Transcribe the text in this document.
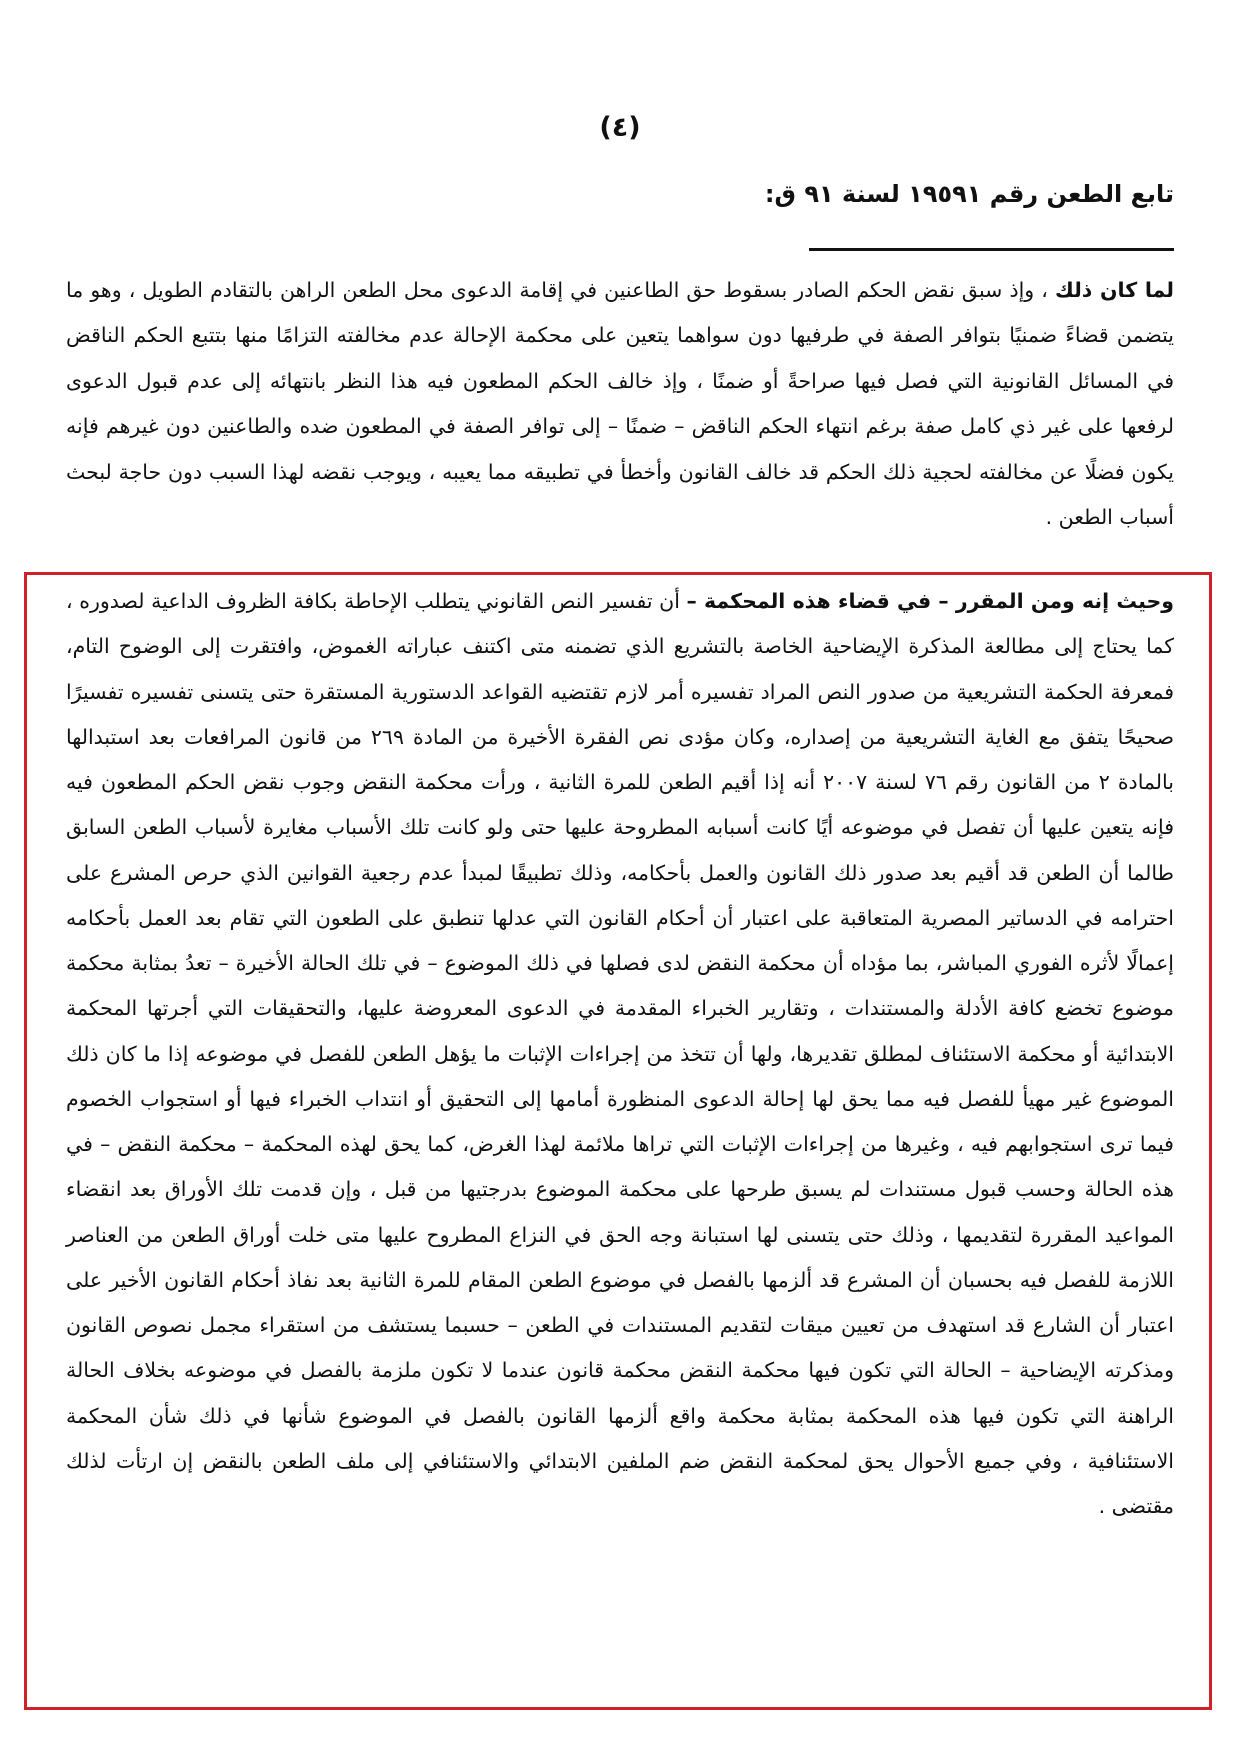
(٤)
تابع الطعن رقم ١٩٥٩١ لسنة ٩١ ق:

لما كان ذلك ، وإذ سبق نقض الحكم الصادر بسقوط حق الطاعنين في إقامة الدعوى محل الطعن الراهن بالتقادم الطويل ، وهو ما يتضمن قضاءً ضمنيًا بتوافر الصفة في طرفيها دون سواهما يتعين على محكمة الإحالة عدم مخالفته التزامًا منها بتتبع الحكم الناقض في المسائل القانونية التي فصل فيها صراحةً أو ضمنًا ، وإذ خالف الحكم المطعون فيه هذا النظر بانتهائه إلى عدم قبول الدعوى لرفعها على غير ذي كامل صفة برغم انتهاء الحكم الناقض – ضمنًا – إلى توافر الصفة في المطعون ضده والطاعنين دون غيرهم فإنه يكون فضلًا عن مخالفته لحجية ذلك الحكم قد خالف القانون وأخطأ في تطبيقه مما يعيبه ، ويوجب نقضه لهذا السبب دون حاجة لبحث أسباب الطعن .

وحيث إنه ومن المقرر – في قضاء هذه المحكمة – أن تفسير النص القانوني يتطلب الإحاطة بكافة الظروف الداعية لصدوره ، كما يحتاج إلى مطالعة المذكرة الإيضاحية الخاصة بالتشريع الذي تضمنه متى اكتنف عباراته الغموض، وافتقرت إلى الوضوح التام، فمعرفة الحكمة التشريعية من صدور النص المراد تفسيره أمر لازم تقتضيه القواعد الدستورية المستقرة حتى يتسنى تفسيره تفسيرًا صحيحًا يتفق مع الغاية التشريعية من إصداره، وكان مؤدى نص الفقرة الأخيرة من المادة ٢٦٩ من قانون المرافعات بعد استبدالها بالمادة ٢ من القانون رقم ٧٦ لسنة ٢٠٠٧ أنه إذا أقيم الطعن للمرة الثانية ، ورأت محكمة النقض وجوب نقض الحكم المطعون فيه فإنه يتعين عليها أن تفصل في موضوعه أيًا كانت أسبابه المطروحة عليها حتى ولو كانت تلك الأسباب مغايرة لأسباب الطعن السابق طالما أن الطعن قد أقيم بعد صدور ذلك القانون والعمل بأحكامه، وذلك تطبيقًا لمبدأ عدم رجعية القوانين الذي حرص المشرع على احترامه في الدساتير المصرية المتعاقبة على اعتبار أن أحكام القانون التي عدلها تنطبق على الطعون التي تقام بعد العمل بأحكامه إعمالًا لأثره الفوري المباشر، بما مؤداه أن محكمة النقض لدى فصلها في ذلك الموضوع – في تلك الحالة الأخيرة – تعدُ بمثابة محكمة موضوع تخضع كافة الأدلة والمستندات ، وتقارير الخبراء المقدمة في الدعوى المعروضة عليها، والتحقيقات التي أجرتها المحكمة الابتدائية أو محكمة الاستئناف لمطلق تقديرها، ولها أن تتخذ من إجراءات الإثبات ما يؤهل الطعن للفصل في موضوعه إذا ما كان ذلك الموضوع غير مهيأ للفصل فيه مما يحق لها إحالة الدعوى المنظورة أمامها إلى التحقيق أو انتداب الخبراء فيها أو استجواب الخصوم فيما ترى استجوابهم فيه ، وغيرها من إجراءات الإثبات التي تراها ملائمة لهذا الغرض، كما يحق لهذه المحكمة – محكمة النقض – في هذه الحالة وحسب قبول مستندات لم يسبق طرحها على محكمة الموضوع بدرجتيها من قبل ، وإن قدمت تلك الأوراق بعد انقضاء المواعيد المقررة لتقديمها ، وذلك حتى يتسنى لها استبانة وجه الحق في النزاع المطروح عليها متى خلت أوراق الطعن من العناصر اللازمة للفصل فيه بحسبان أن المشرع قد ألزمها بالفصل في موضوع الطعن المقام للمرة الثانية بعد نفاذ أحكام القانون الأخير على اعتبار أن الشارع قد استهدف من تعيين ميقات لتقديم المستندات في الطعن – حسبما يستشف من استقراء مجمل نصوص القانون ومذكرته الإيضاحية – الحالة التي تكون فيها محكمة النقض محكمة قانون عندما لا تكون ملزمة بالفصل في موضوعه بخلاف الحالة الراهنة التي تكون فيها هذه المحكمة بمثابة محكمة واقع ألزمها القانون بالفصل في الموضوع شأنها في ذلك شأن المحكمة الاستئنافية ، وفي جميع الأحوال يحق لمحكمة النقض ضم الملفين الابتدائي والاستئنافي إلى ملف الطعن بالنقض إن ارتأت لذلك مقتضى .
